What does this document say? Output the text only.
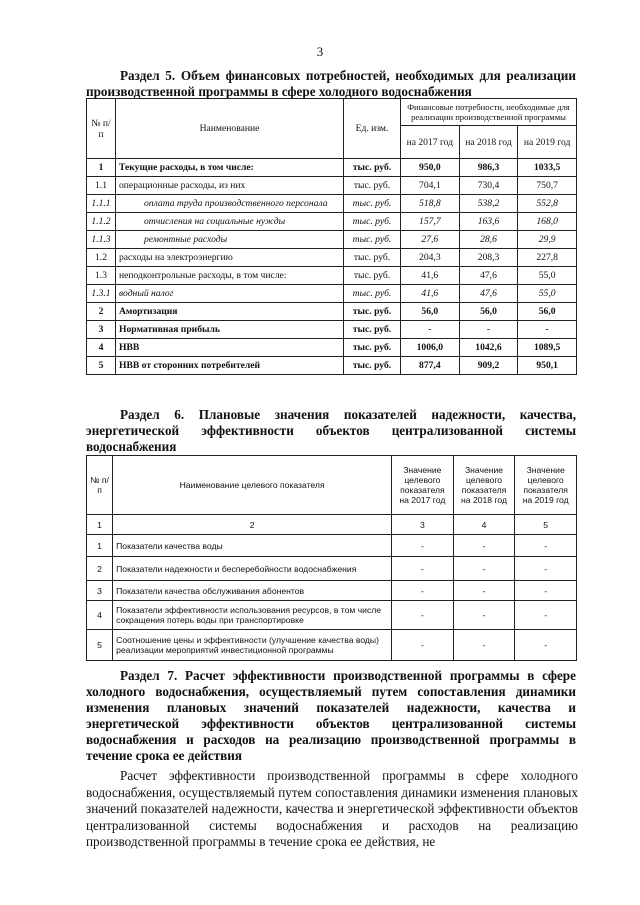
3
Раздел 5. Объем финансовых потребностей, необходимых для реализации производственной программы в сфере холодного водоснабжения
№ п/п	Наименование	Ед. изм.	Финансовые потребности, необходимые для реализации производственной программы		
			на 2017 год	на 2018 год	на 2019 год
1	Текущие расходы, в том числе:	тыс. руб.	950,0	986,3	1033,5
1.1	операционные расходы, из них	тыс. руб.	704,1	730,4	750,7
1.1.1	оплата труда производственного персонала	тыс. руб.	518,8	538,2	552,8
1.1.2	отчисления на социальные нужды	тыс. руб.	157,7	163,6	168,0
1.1.3	ремонтные расходы	тыс. руб.	27,6	28,6	29,9
1.2	расходы на электроэнергию	тыс. руб.	204,3	208,3	227,8
1.3	неподконтрольные расходы, в том числе:	тыс. руб.	41,6	47,6	55,0
1.3.1	водный налог	тыс. руб.	41,6	47,6	55,0
2	Амортизация	тыс. руб.	56,0	56,0	56,0
3	Нормативная прибыль	тыс. руб.	-	-	-
4	НВВ	тыс. руб.	1006,0	1042,6	1089,5
5	НВВ от сторонних потребителей	тыс. руб.	877,4	909,2	950,1
Раздел 6. Плановые значения показателей надежности, качества, энергетической эффективности объектов централизованной системы водоснабжения
№ п/п	Наименование целевого показателя	Значение целевого показателя на 2017 год	Значение целевого показателя на 2018 год	Значение целевого показателя на 2019 год
1	2	3	4	5
1	Показатели качества воды	-	-	-
2	Показатели надежности и бесперебойности водоснабжения	-	-	-
3	Показатели качества обслуживания абонентов	-	-	-
4	Показатели эффективности использования ресурсов, в том числе сокращения потерь воды при транспортировке	-	-	-
5	Соотношение цены и эффективности (улучшение качества воды) реализации мероприятий инвестиционной программы	-	-	-
Раздел 7. Расчет эффективности производственной программы в сфере холодного водоснабжения, осуществляемый путем сопоставления динамики изменения плановых значений показателей надежности, качества и энергетической эффективности объектов централизованной системы водоснабжения и расходов на реализацию производственной программы в течение срока ее действия
Расчет эффективности производственной программы в сфере холодного водоснабжения, осуществляемый путем сопоставления динамики изменения плановых значений показателей надежности, качества и энергетической эффективности объектов централизованной системы водоснабжения и расходов на реализацию производственной программы в течение срока ее действия, не
